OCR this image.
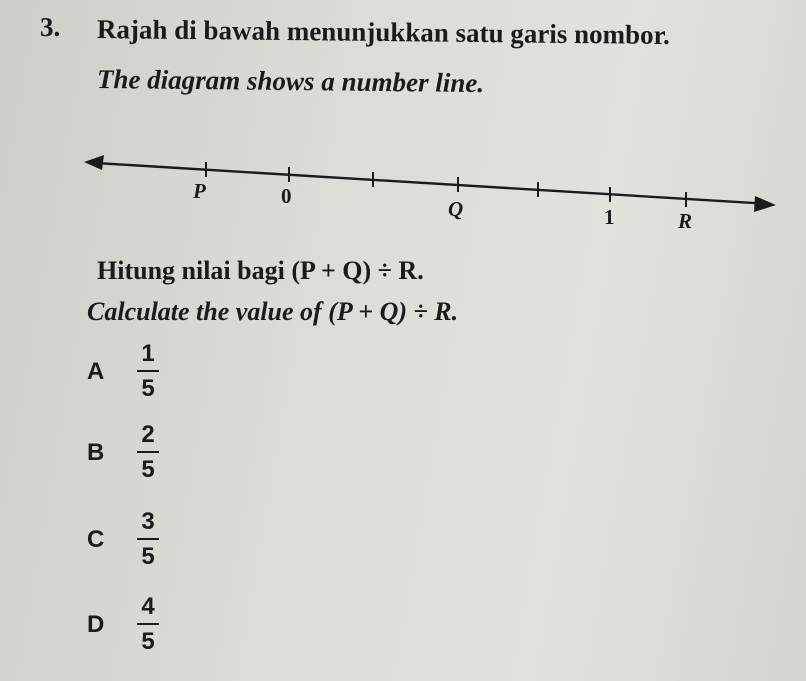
3. Rajah di bawah menunjukkan satu garis nombor.
The diagram shows a number line.
P	0
Q	1	R
Hitung nilai bagi (P + Q) ÷ R.
Calculate the value of (P + Q) ÷ R.
A	$\frac{1}{5}$
B	$\frac{2}{5}$
C	$\frac{3}{5}$
D	$\frac{4}{5}$
